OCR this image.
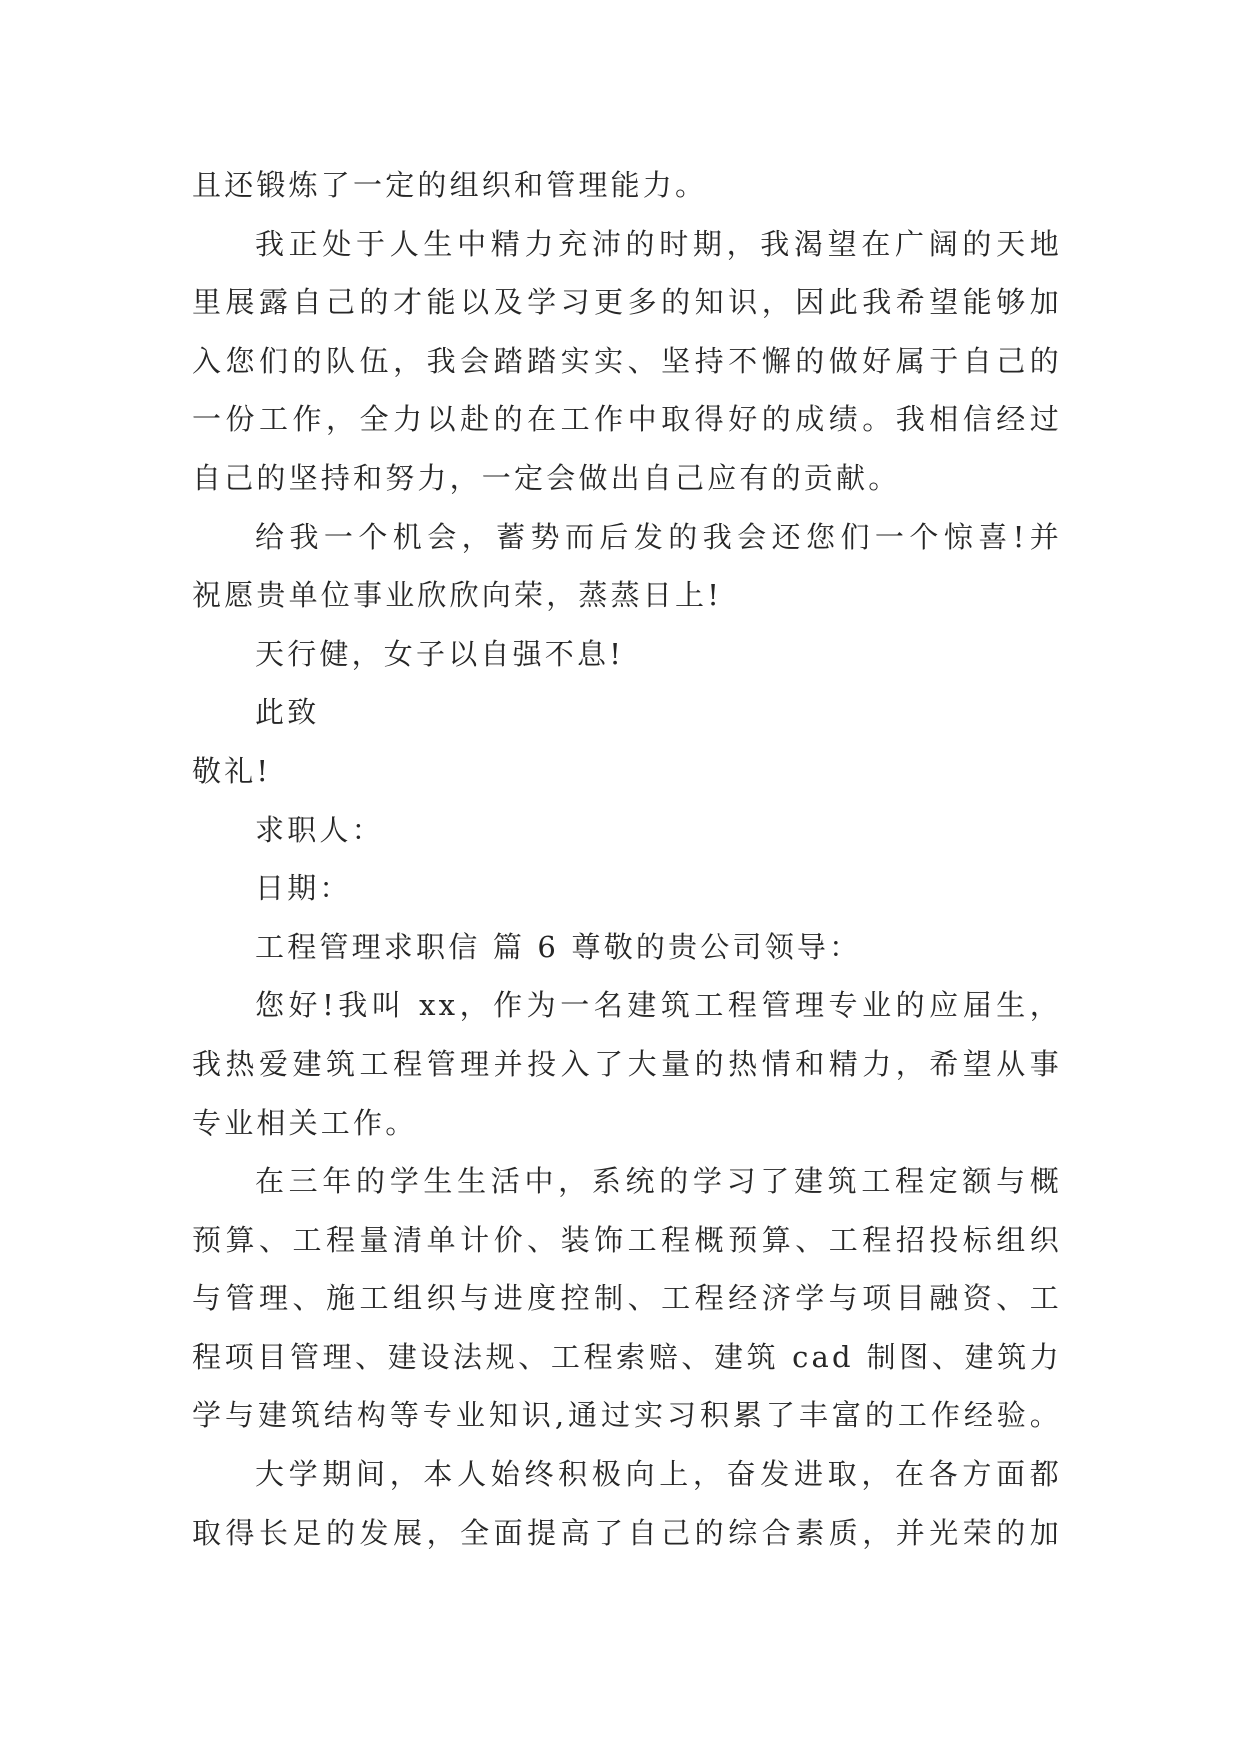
且还锻炼了一定的组织和管理能力。
我正处于人生中精力充沛的时期，我渴望在广阔的天地
里展露自己的才能以及学习更多的知识，因此我希望能够加
入您们的队伍，我会踏踏实实、坚持不懈的做好属于自己的
一份工作，全力以赴的在工作中取得好的成绩。我相信经过
自己的坚持和努力，一定会做出自己应有的贡献。
给我一个机会，蓄势而后发的我会还您们一个惊喜!并
祝愿贵单位事业欣欣向荣，蒸蒸日上!
天行健，女子以自强不息!
此致
敬礼!
求职人：
日期：
工程管理求职信 篇 6 尊敬的贵公司领导：
您好!我叫 xx，作为一名建筑工程管理专业的应届生，
我热爱建筑工程管理并投入了大量的热情和精力，希望从事
专业相关工作。
在三年的学生生活中，系统的学习了建筑工程定额与概
预算、工程量清单计价、装饰工程概预算、工程招投标组织
与管理、施工组织与进度控制、工程经济学与项目融资、工
程项目管理、建设法规、工程索赔、建筑 cad 制图、建筑力
学与建筑结构等专业知识,通过实习积累了丰富的工作经验。
大学期间，本人始终积极向上，奋发进取，在各方面都
取得长足的发展，全面提高了自己的综合素质，并光荣的加
